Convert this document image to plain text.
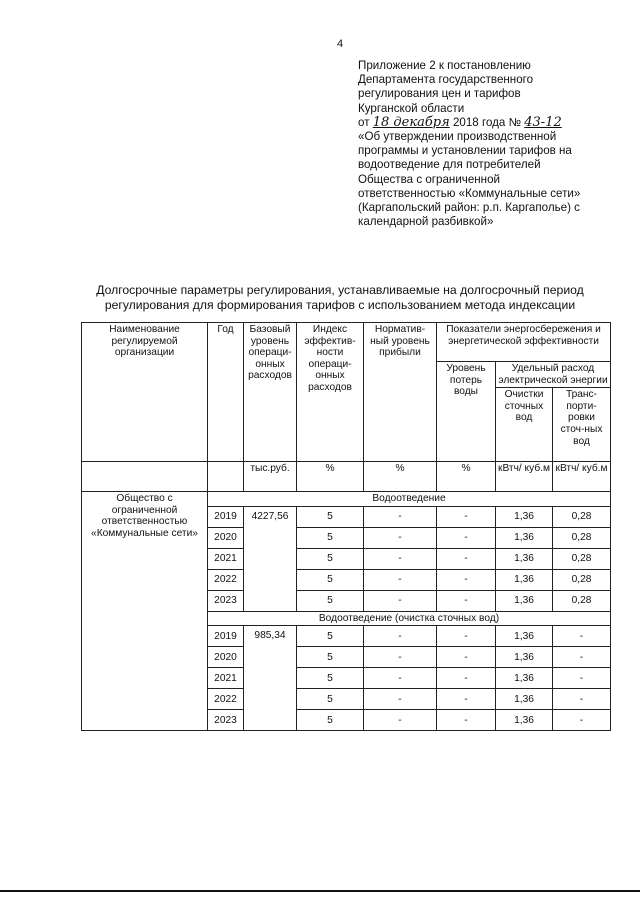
4
Приложение 2 к постановлению
Департамента государственного
регулирования цен и тарифов
Курганской области
от 18 декабря 2018 года № 43-12
«Об утверждении производственной
программы и установлении тарифов на
водоотведение для потребителей
Общества с ограниченной
ответственностью «Коммунальные сети»
(Каргапольский район: р.п. Каргаполье) с
календарной разбивкой»
Долгосрочные параметры регулирования, устанавливаемые на долгосрочный период
регулирования для формирования тарифов с использованием метода индексации
Наименование регулируемой организации	Год	Базовый уровень операци-онных расходов	Индекс эффектив-ности операци-онных расходов	Норматив-ный уровень прибыли	Показатели энергосбережения и энергетической эффективности		
					Уровень потерь воды	Удельный расход электрической энергии	
						Очистки сточных вод	Транс-порти-ровки сточ-ных вод

		тыс.руб.	%	%	%	кВтч/ куб.м	кВтч/ куб.м
Общество с ограниченной ответственностью «Коммунальные сети»	Водоотведение						
	2019	4227,56	5	-	-	1,36	0,28
	2020		5	-	-	1,36	0,28
	2021		5	-	-	1,36	0,28
	2022		5	-	-	1,36	0,28
	2023		5	-	-	1,36	0,28
	Водоотведение (очистка сточных вод)						
	2019	985,34	5	-	-	1,36	-
	2020		5	-	-	1,36	-
	2021		5	-	-	1,36	-
	2022		5	-	-	1,36	-
	2023		5	-	-	1,36	-
